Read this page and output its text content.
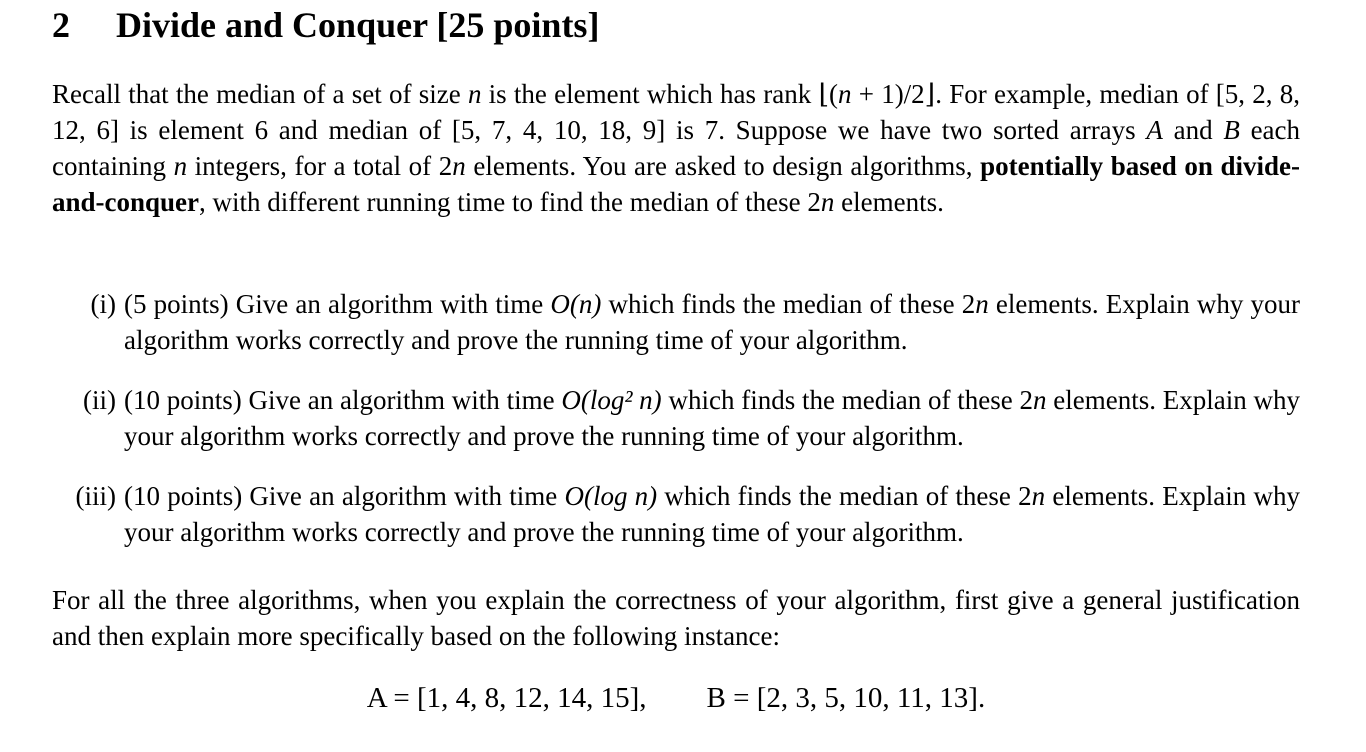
2 Divide and Conquer [25 points]
Recall that the median of a set of size n is the element which has rank ⌊(n + 1)/2⌋. For example, median of [5, 2, 8, 12, 6] is element 6 and median of [5, 7, 4, 10, 18, 9] is 7. Suppose we have two sorted arrays A and B each containing n integers, for a total of 2n elements. You are asked to design algorithms, potentially based on divide-and-conquer, with different running time to find the median of these 2n elements.
(i) (5 points) Give an algorithm with time O(n) which finds the median of these 2n elements. Explain why your algorithm works correctly and prove the running time of your algorithm.
(ii) (10 points) Give an algorithm with time O(log² n) which finds the median of these 2n elements. Explain why your algorithm works correctly and prove the running time of your algorithm.
(iii) (10 points) Give an algorithm with time O(log n) which finds the median of these 2n elements. Explain why your algorithm works correctly and prove the running time of your algorithm.
For all the three algorithms, when you explain the correctness of your algorithm, first give a general justification and then explain more specifically based on the following instance:
A = [1, 4, 8, 12, 14, 15], B = [2, 3, 5, 10, 11, 13].
